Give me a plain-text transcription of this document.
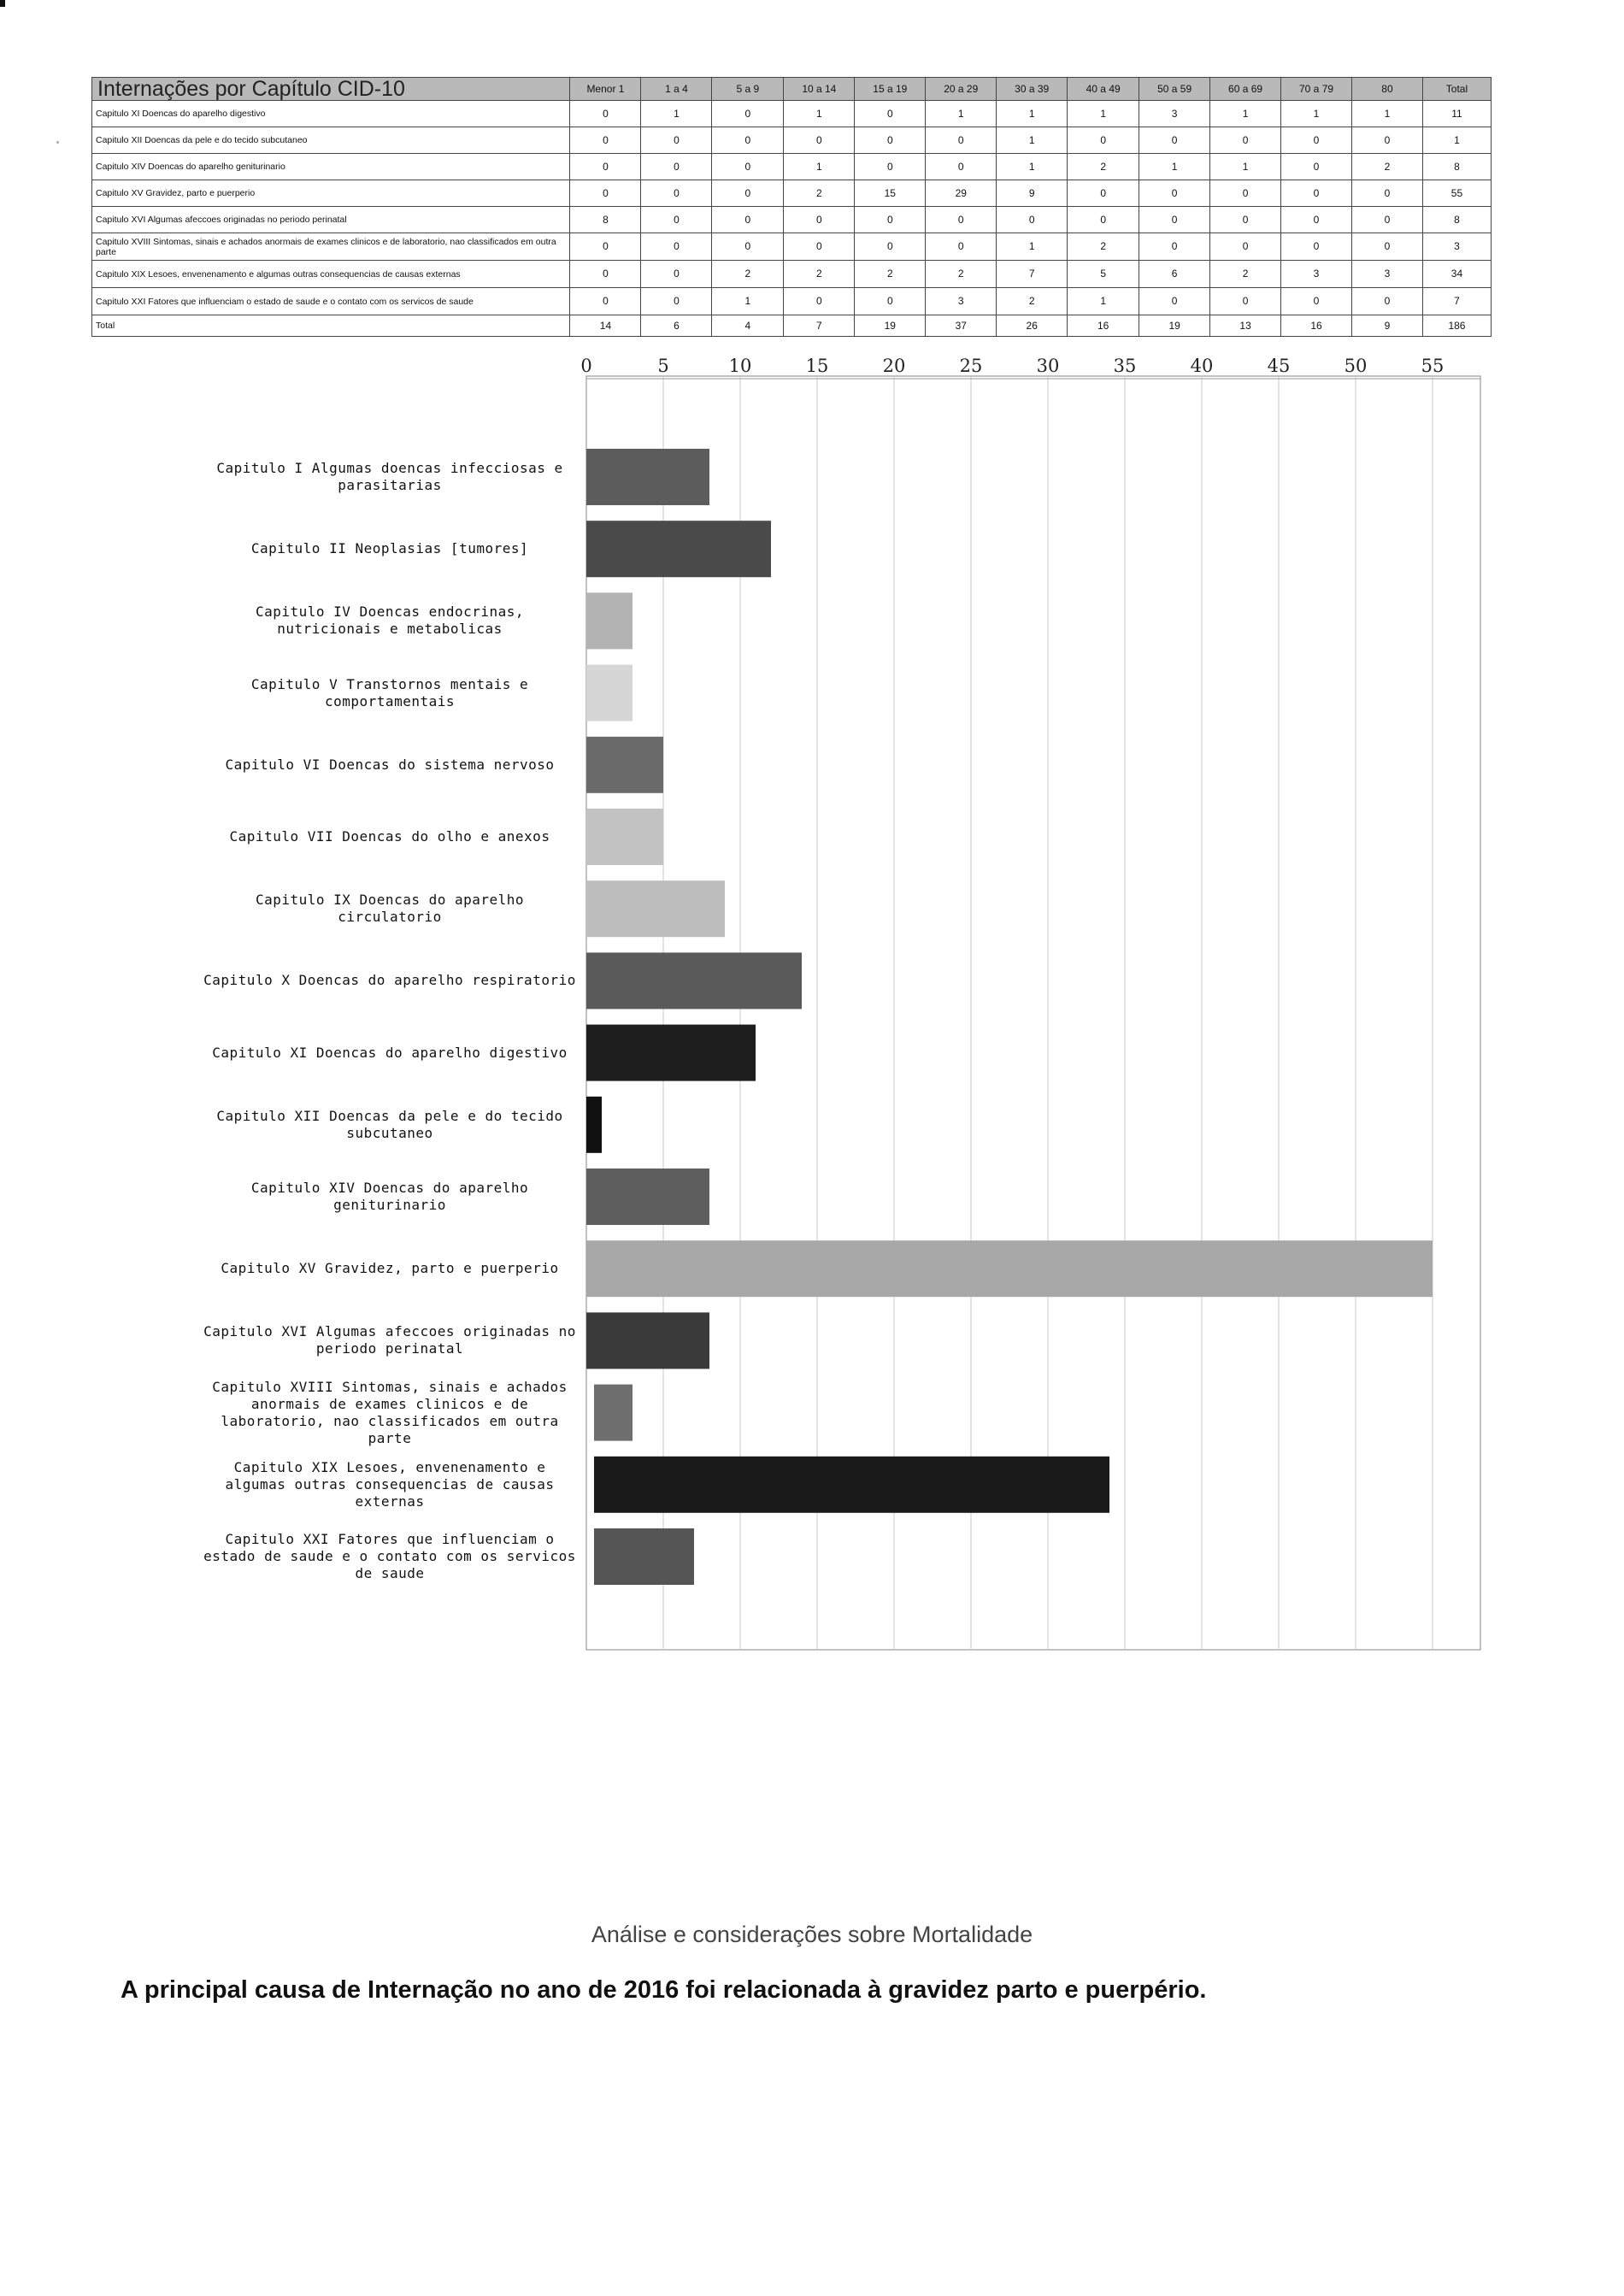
Internações por Capítulo CID-10	Menor 1	1 a 4	5 a 9	10 a 14	15 a 19	20 a 29	30 a 39	40 a 49	50 a 59	60 a 69	70 a 79	80	Total
Capitulo XI Doencas do aparelho digestivo	0	1	0	1	0	1	1	1	3	1	1	1	11
Capitulo XII Doencas da pele e do tecido subcutaneo	0	0	0	0	0	0	1	0	0	0	0	0	1
Capitulo XIV Doencas do aparelho geniturinario	0	0	0	1	0	0	1	2	1	1	0	2	8
Capitulo XV Gravidez, parto e puerperio	0	0	0	2	15	29	9	0	0	0	0	0	55
Capitulo XVI Algumas afeccoes originadas no periodo perinatal	8	0	0	0	0	0	0	0	0	0	0	0	8
Capitulo XVIII Sintomas, sinais e achados anormais de exames clinicos e de laboratorio, nao classificados em outra parte	0	0	0	0	0	0	1	2	0	0	0	0	3
Capitulo XIX Lesoes, envenenamento e algumas outras consequencias de causas externas	0	0	2	2	2	2	7	5	6	2	3	3	34
Capitulo XXI Fatores que influenciam o estado de saude e o contato com os servicos de saude	0	0	1	0	0	3	2	1	0	0	0	0	7
Total	14	6	4	7	19	37	26	16	19	13	16	9	186
0	5	10	15	20	25	30	35	40	45	50	55
Capitulo I Algumas doencas infecciosas e parasitarias
Capitulo II Neoplasias [tumores]
Capitulo IV Doencas endocrinas, nutricionais e metabolicas
Capitulo V Transtornos mentais e comportamentais
Capitulo VI Doencas do sistema nervoso
Capitulo VII Doencas do olho e anexos
Capitulo IX Doencas do aparelho circulatorio
Capitulo X Doencas do aparelho respiratorio
Capitulo XI Doencas do aparelho digestivo
Capitulo XII Doencas da pele e do tecido subcutaneo
Capitulo XIV Doencas do aparelho geniturinario
Capitulo XV Gravidez, parto e puerperio
Capitulo XVI Algumas afeccoes originadas no periodo perinatal
Capitulo XVIII Sintomas, sinais e achados anormais de exames clinicos e de laboratorio, nao classificados em outra parte
Capitulo XIX Lesoes, envenenamento e algumas outras consequencias de causas externas
Capitulo XXI Fatores que influenciam o estado de saude e o contato com os servicos de saude
Análise e considerações sobre Mortalidade
A principal causa de Internação no ano de 2016 foi relacionada à gravidez parto e puerpério.
